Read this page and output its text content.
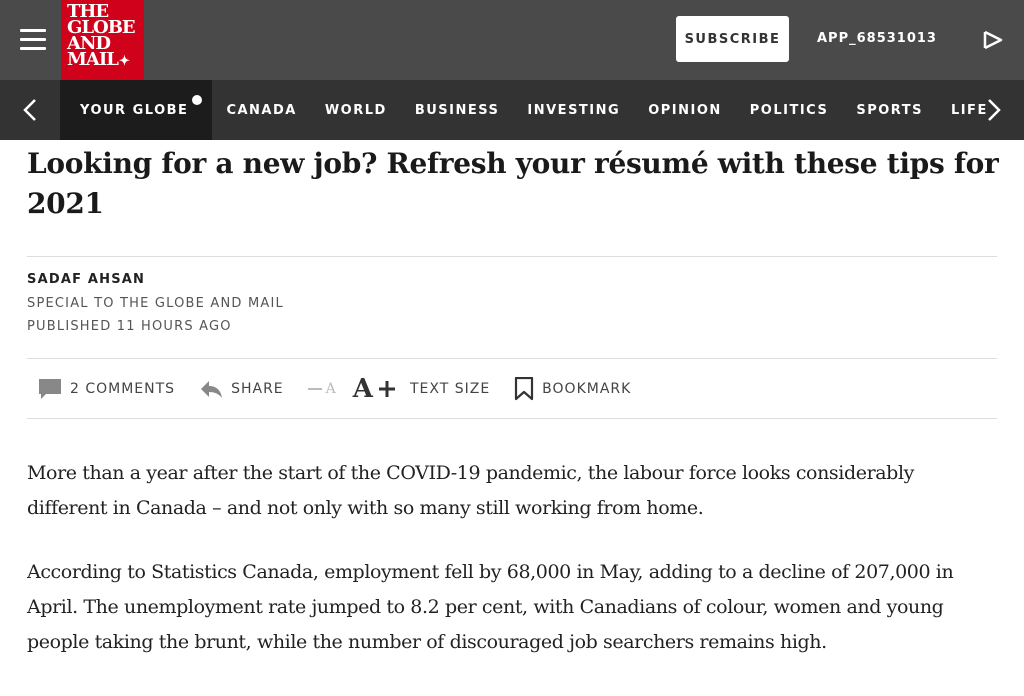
THE
GLOBE
AND
MAIL✦
SUBSCRIBE	APP_68531013
YOUR GLOBE	CANADA	WORLD	BUSINESS	INVESTING	OPINION	POLITICS	SPORTS	LIFE
Looking for a new job? Refresh your résumé with these tips for 2021
SADAF AHSAN
SPECIAL TO THE GLOBE AND MAIL
PUBLISHED 11 HOURS AGO
2 COMMENTS	SHARE	A A	TEXT SIZE	BOOKMARK

More than a year after the start of the COVID-19 pandemic, the labour force looks considerably different in Canada – and not only with so many still working from home.

According to Statistics Canada, employment fell by 68,000 in May, adding to a decline of 207,000 in April. The unemployment rate jumped to 8.2 per cent, with Canadians of colour, women and young people taking the brunt, while the number of discouraged job searchers remains high.
